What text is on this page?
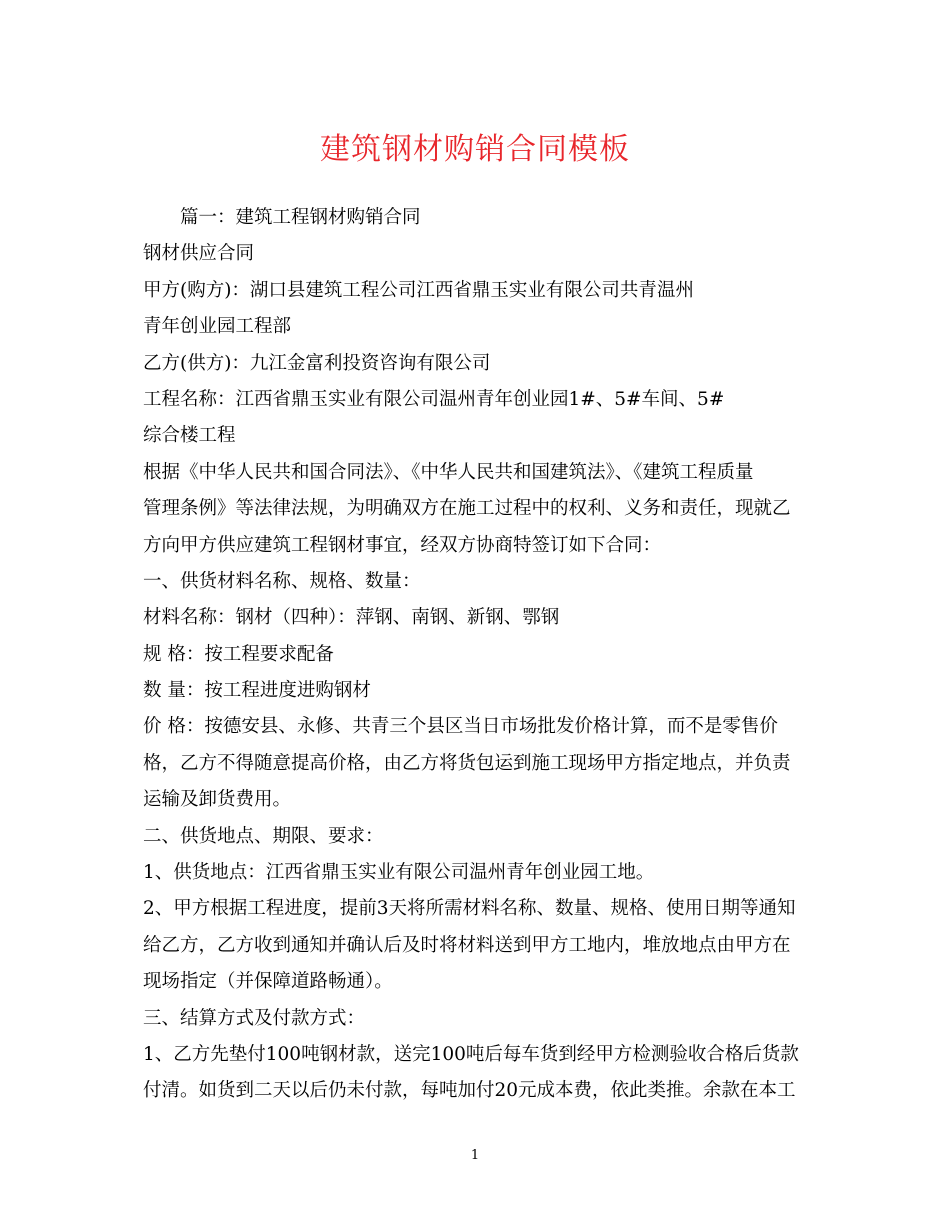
建筑钢材购销合同模板
篇一：建筑工程钢材购销合同
钢材供应合同
甲方(购方)：湖口县建筑工程公司江西省鼎玉实业有限公司共青温州
青年创业园工程部
乙方(供方)：九江金富利投资咨询有限公司
工程名称：江西省鼎玉实业有限公司温州青年创业园1#、5#车间、5#
综合楼工程
根据《中华人民共和国合同法》、《中华人民共和国建筑法》、《建筑工程质量
管理条例》等法律法规，为明确双方在施工过程中的权利、义务和责任，现就乙
方向甲方供应建筑工程钢材事宜，经双方协商特签订如下合同：
一、供货材料名称、规格、数量：
材料名称：钢材（四种）：萍钢、南钢、新钢、鄂钢
规 格：按工程要求配备
数 量：按工程进度进购钢材
价 格：按德安县、永修、共青三个县区当日市场批发价格计算，而不是零售价
格，乙方不得随意提高价格，由乙方将货包运到施工现场甲方指定地点，并负责
运输及卸货费用。
二、供货地点、期限、要求：
1、供货地点：江西省鼎玉实业有限公司温州青年创业园工地。
2、甲方根据工程进度，提前3天将所需材料名称、数量、规格、使用日期等通知
给乙方，乙方收到通知并确认后及时将材料送到甲方工地内，堆放地点由甲方在
现场指定（并保障道路畅通）。
三、结算方式及付款方式：
1、乙方先垫付100吨钢材款，送完100吨后每车货到经甲方检测验收合格后货款
付清。如货到二天以后仍未付款，每吨加付20元成本费，依此类推。余款在本工
1
